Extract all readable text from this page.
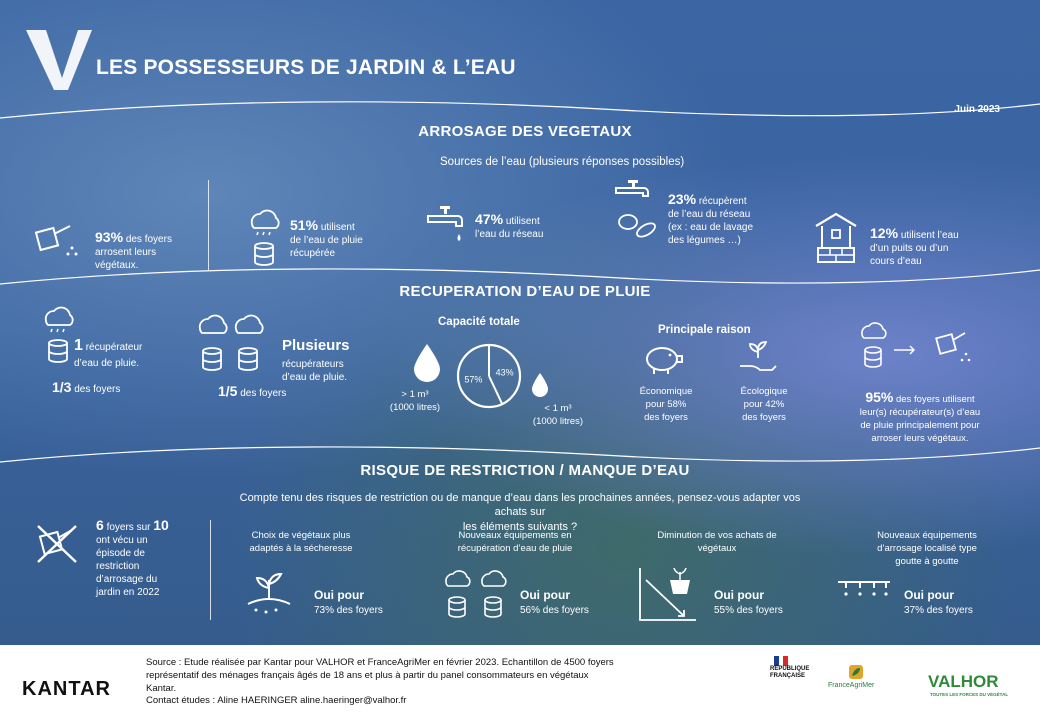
LES POSSESSEURS DE JARDIN & L’EAU
Juin 2023
ARROSAGE DES VEGETAUX
Sources de l’eau (plusieurs réponses possibles)
93% des foyers
arrosent leurs
végétaux.
51% utilisent
de l’eau de pluie
récupérée
47% utilisent
l’eau du réseau
23% récupèrent
de l’eau du réseau
(ex : eau de lavage
des légumes …)	12% utilisent l’eau
d’un puits ou d’un
cours d’eau
RECUPERATION D’EAU DE PLUIE
1 récupérateur
d’eau de pluie.
1/3 des foyers
Plusieurs
récupérateurs
d’eau de pluie.
1/5 des foyers
Capacité totale
43%
57%
> 1 m³
(1000 litres)	< 1 m³
(1000 litres)
Principale raison
Économique
pour 58%
des foyers
Écologique
pour 42%
des foyers
95% des foyers utilisent
leur(s) récupérateur(s) d’eau
de pluie principalement pour
arroser leurs végétaux.
RISQUE DE RESTRICTION / MANQUE D’EAU
Compte tenu des risques de restriction ou de manque d’eau dans les prochaines années, pensez-vous adapter vos achats sur
les éléments suivants ?
6 foyers sur 10
ont vécu un
épisode de
restriction
d’arrosage du
jardin en 2022
Choix de végétaux plus
adaptés à la sécheresse
Oui pour
73% des foyers
Nouveaux équipements en
récupération d’eau de pluie
Oui pour
56% des foyers
Diminution de vos achats de
végétaux
Oui pour
55% des foyers
Nouveaux équipements
d’arrosage localisé type
goutte à goutte
Oui pour
37% des foyers
KANTAR
Source : Etude réalisée par Kantar pour VALHOR et FranceAgriMer en février 2023. Echantillon de 4500 foyers
représentatif des ménages français âgés de 18 ans et plus à partir du panel consommateurs en végétaux
Kantar.
Contact études : Aline HAERINGER aline.haeringer@valhor.fr
RÉPUBLIQUE
FRANÇAISE
FranceAgriMer	VALHOR
TOUTES LES FORCES DU VÉGÉTAL
